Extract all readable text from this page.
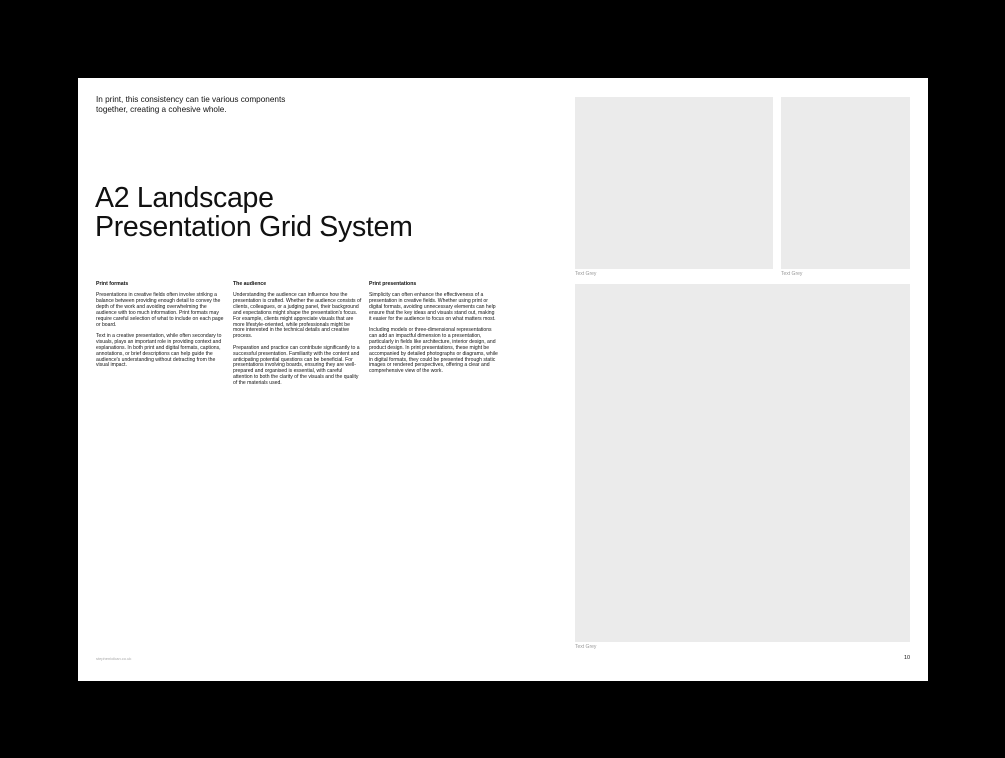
In print, this consistency can tie various components together, creating a cohesive whole.

A2 Landscape
Presentation Grid System
Print formats

Presentations in creative fields often involve striking a balance between providing enough detail to convey the depth of the work and avoiding overwhelming the audience with too much information. Print formats may require careful selection of what to include on each page or board.

Text in a creative presentation, while often secondary to visuals, plays an important role in providing context and explanations. In both print and digital formats, captions, annotations, or brief descriptions can help guide the audience's understanding without detracting from the visual impact.

The audience

Understanding the audience can influence how the presentation is crafted. Whether the audience consists of clients, colleagues, or a judging panel, their background and expectations might shape the presentation's focus. For example, clients might appreciate visuals that are more lifestyle-oriented, while professionals might be more interested in the technical details and creative process.

Preparation and practice can contribute significantly to a successful presentation. Familiarity with the content and anticipating potential questions can be beneficial. For presentations involving boards, ensuring they are well-prepared and organised is essential, with careful attention to both the clarity of the visuals and the quality of the materials used.

Print presentations

Simplicity can often enhance the effectiveness of a presentation in creative fields. Whether using print or digital formats, avoiding unnecessary elements can help ensure that the key ideas and visuals stand out, making it easier for the audience to focus on what matters most.

Including models or three-dimensional representations can add an impactful dimension to a presentation, particularly in fields like architecture, interior design, and product design. In print presentations, these might be accompanied by detailed photographs or diagrams, while in digital formats, they could be presented through static images or rendered perspectives, offering a clear and comprehensive view of the work.

Text Grey	Text Grey
Text Grey
stephenlolkan.co.uk	10
